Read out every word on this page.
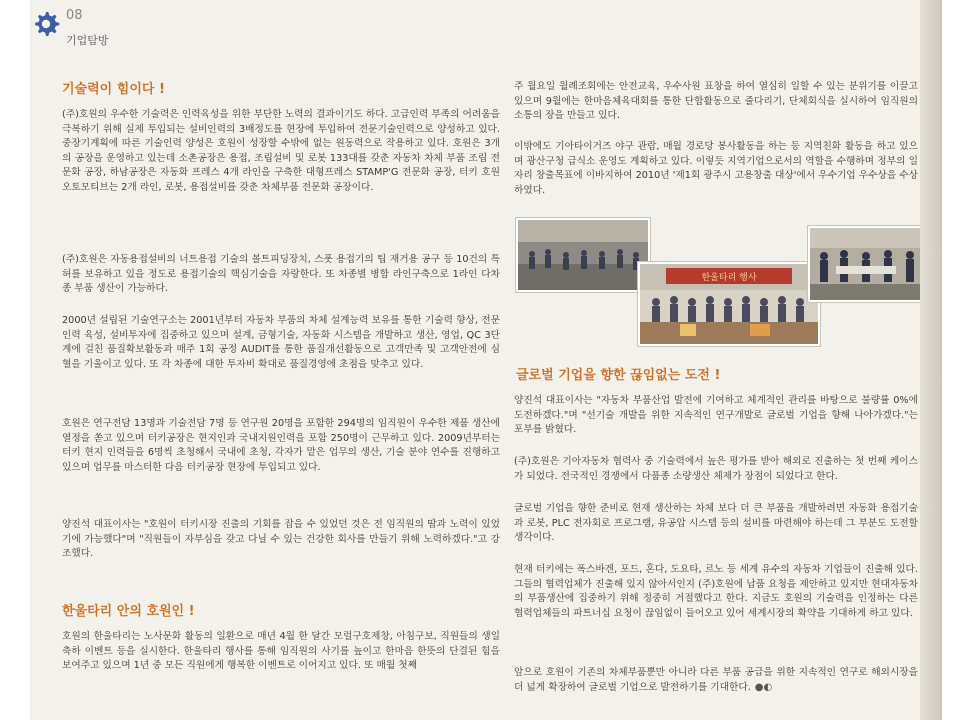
08
기업탐방
기술력이 힘이다 !

(주)호원의 우수한 기술력은 인력육성을 위한 부단한 노력의 결과이기도 하다. 고급인력 부족의 어려움을 극복하기 위해 실제 투입되는 설비인력의 3배정도를 현장에 투입하여 전문기술인력으로 양성하고 있다. 중장기계획에 따른 기술인력 양성은 호원이 성장할 수밖에 없는 원동력으로 작용하고 있다. 호원은 3개의 공장을 운영하고 있는데 소촌공장은 용접, 조립설비 및 로봇 133대를 갖춘 자동차 차체 부품 조립 전문화 공장, 하남공장은 자동화 프레스 4개 라인을 구축한 대형프레스 STAMP'G 전문화 공장, 터키 호원 오토모티브는 2개 라인, 로봇, 용접설비를 갖춘 차체부품 전문화 공장이다.

(주)호원은 자동용접설비의 너트용접 기술의 볼트피딩장치, 스폿 용접기의 팁 재거용 공구 등 10건의 특허를 보유하고 있을 정도로 용접기술의 핵심기술을 자랑한다. 또 차종별 병합 라인구축으로 1라인 다차종 부품 생산이 가능하다.

2000년 설립된 기술연구소는 2001년부터 자동차 부품의 차체 설계능력 보유를 통한 기술력 향상, 전문인력 육성, 설비투자에 집중하고 있으며 설계, 금형기술, 자동화 시스템을 개발하고 생산, 영업, QC 3단계에 걸친 품질확보활동과 매주 1회 공정 AUDIT를 통한 품질개선활동으로 고객만족 및 고객안전에 심혈을 기울이고 있다. 또 각 차종에 대한 투자비 확대로 품질경영에 초점을 맞추고 있다.

호원은 연구전담 13명과 기술전담 7명 등 연구원 20명을 포함한 294명의 임직원이 우수한 제품 생산에 열정을 쏟고 있으며 터키공장은 현지인과 국내지원인력을 포함 250명이 근무하고 있다. 2009년부터는 터키 현지 인력들을 6명씩 초청해서 국내에 초청, 각자가 맡은 업무의 생산, 기술 분야 연수를 진행하고 있으며 업무를 마스터한 다음 터키공장 현장에 투입되고 있다.

양진석 대표이사는 "호원이 터키시장 진출의 기회를 잡을 수 있었던 것은 전 임직원의 땀과 노력이 있었기에 가능했다"며 "직원들이 자부심을 갖고 다닐 수 있는 건강한 회사를 만들기 위해 노력하겠다."고 강조했다.

한울타리 안의 호원인 !

호원의 한울타리는 노사문화 활동의 일환으로 매년 4월 한 달간 모럴구호제창, 아침구보, 직원들의 생일축하 이벤트 등을 실시한다. 한울타리 행사를 통해 임직원의 사기를 높이고 한마음 한뜻의 단결된 힘을 보여주고 있으며 1년 중 모든 직원에게 행복한 이벤트로 이어지고 있다. 또 매월 첫째

주 월요일 월례조회에는 안전교육, 우수사원 표창을 하여 열심히 일할 수 있는 분위기를 이끌고 있으며 9월에는 한마음체육대회를 통한 단합활동으로 줄다리기, 단체회식을 실시하여 임직원의 소통의 장을 만들고 있다.

이밖에도 기아타이거즈 야구 관람, 매월 경로당 봉사활동을 하는 등 지역친화 활동을 하고 있으며 광산구청 급식소 운영도 계획하고 있다. 이렇듯 지역기업으로서의 역할을 수행하며 정부의 일자리 창출목표에 이바지하여 2010년 '제1회 광주시 고용창출 대상'에서 우수기업 우수상을 수상하였다.

한울타리 행사
글로벌 기업을 향한 끊임없는 도전 !

양진석 대표이사는 "자동차 부품산업 발전에 기여하고 체계적인 관리를 바탕으로 불량률 0%에 도전하겠다."며 "선기술 개발을 위한 지속적인 연구개발로 글로벌 기업을 향해 나아가겠다."는 포부를 밝혔다.

(주)호원은 기아자동차 협력사 중 기술력에서 높은 평가를 받아 해외로 진출하는 첫 번째 케이스가 되었다. 전국적인 경쟁에서 다품종 소량생산 체제가 장점이 되었다고 한다.

글로벌 기업을 향한 준비로 현재 생산하는 차체 보다 더 큰 부품을 개발하려면 자동화 용접기술과 로봇, PLC 전자회로 프로그램, 유공압 시스템 등의 설비를 마련해야 하는데 그 부분도 도전할 생각이다.

현재 터키에는 폭스바겐, 포드, 혼다, 도요타, 르노 등 세계 유수의 자동차 기업들이 진출해 있다. 그들의 협력업체가 진출해 있지 않아서인지 (주)호원에 납품 요청을 제안하고 있지만 현대자동차의 부품생산에 집중하기 위해 정중히 거절했다고 한다. 지금도 호원의 기술력을 인정하는 다른 협력업체들의 파트너십 요청이 끊임없이 들어오고 있어 세계시장의 확약을 기대하게 하고 있다.

앞으로 호원이 기존의 차체부품뿐만 아니라 다른 부품 공급을 위한 지속적인 연구로 해외시장을 더 넓게 확장하여 글로벌 기업으로 발전하기를 기대한다. ●◐
